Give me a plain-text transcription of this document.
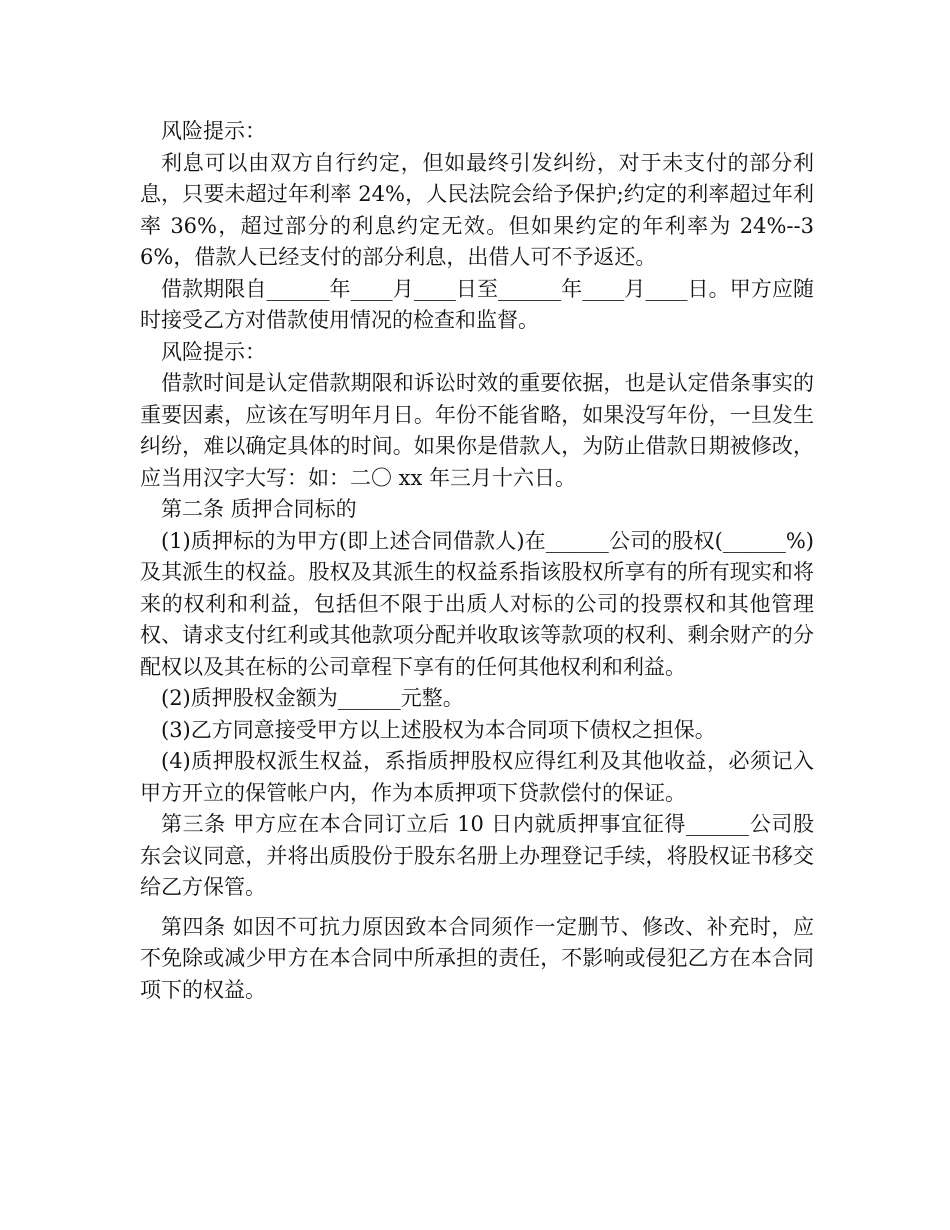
风险提示：

利息可以由双方自行约定，但如最终引发纠纷，对于未支付的部分利息，只要未超过年利率 24%，人民法院会给予保护;约定的利率超过年利率 36%，超过部分的利息约定无效。但如果约定的年利率为 24%--36%，借款人已经支付的部分利息，出借人可不予返还。

借款期限自______年____月____日至______年____月____日。甲方应随时接受乙方对借款使用情况的检查和监督。

风险提示：

借款时间是认定借款期限和诉讼时效的重要依据，也是认定借条事实的重要因素，应该在写明年月日。年份不能省略，如果没写年份，一旦发生纠纷，难以确定具体的时间。如果你是借款人，为防止借款日期被修改，应当用汉字大写：如：二〇 xx 年三月十六日。

第二条 质押合同标的

(1)质押标的为甲方(即上述合同借款人)在______公司的股权(______%)及其派生的权益。股权及其派生的权益系指该股权所享有的所有现实和将来的权利和利益，包括但不限于出质人对标的公司的投票权和其他管理权、请求支付红利或其他款项分配并收取该等款项的权利、剩余财产的分配权以及其在标的公司章程下享有的任何其他权利和利益。

(2)质押股权金额为______元整。

(3)乙方同意接受甲方以上述股权为本合同项下债权之担保。

(4)质押股权派生权益，系指质押股权应得红利及其他收益，必须记入甲方开立的保管帐户内，作为本质押项下贷款偿付的保证。

第三条 甲方应在本合同订立后 10 日内就质押事宜征得______公司股东会议同意，并将出质股份于股东名册上办理登记手续，将股权证书移交给乙方保管。

第四条 如因不可抗力原因致本合同须作一定删节、修改、补充时，应不免除或减少甲方在本合同中所承担的责任，不影响或侵犯乙方在本合同项下的权益。
